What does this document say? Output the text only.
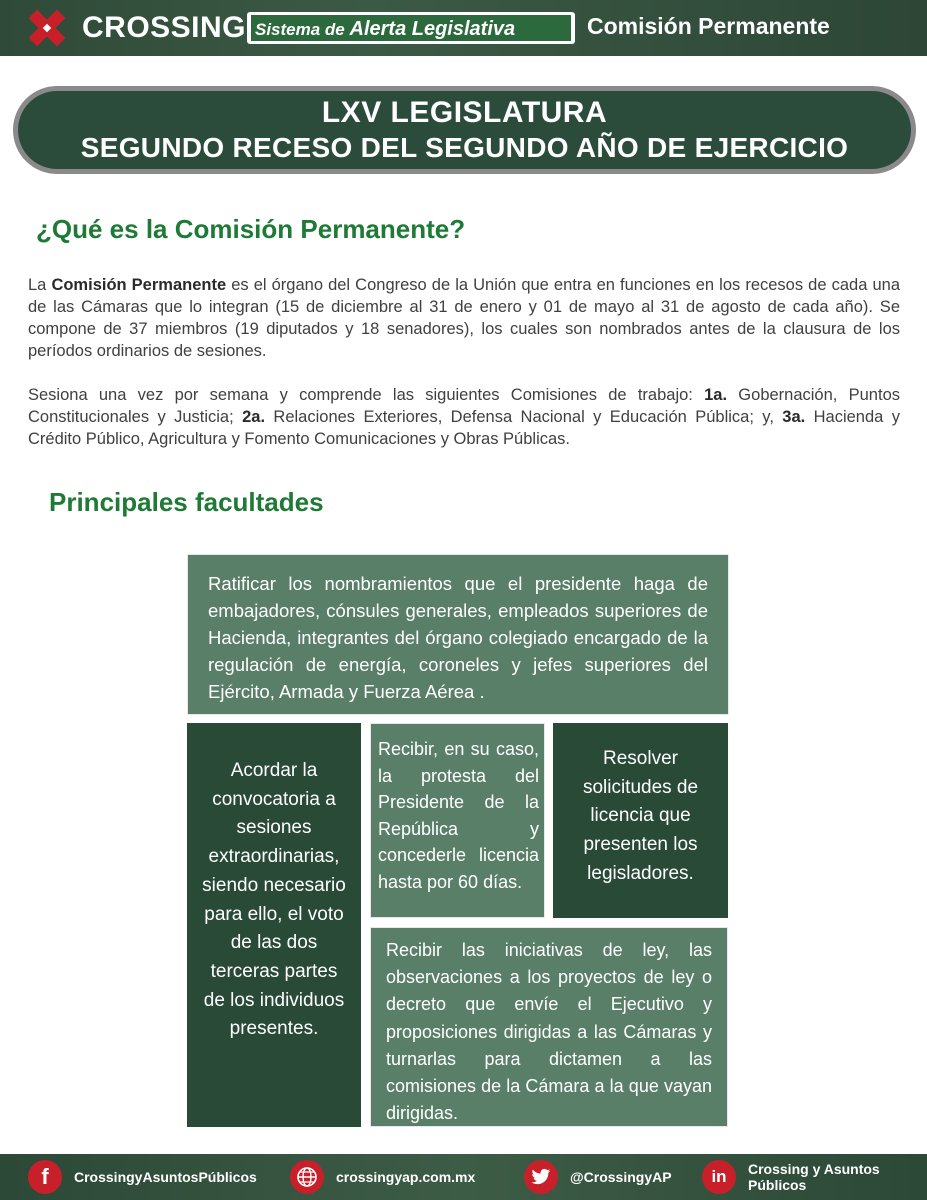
CROSSING Sistema de Alerta Legislativa	Comisión Permanente
LXV LEGISLATURA
SEGUNDO RECESO DEL SEGUNDO AÑO DE EJERCICIO
¿Qué es la Comisión Permanente?
La Comisión Permanente es el órgano del Congreso de la Unión que entra en funciones en los recesos de cada una de las Cámaras que lo integran (15 de diciembre al 31 de enero y 01 de mayo al 31 de agosto de cada año). Se compone de 37 miembros (19 diputados y 18 senadores), los cuales son nombrados antes de la clausura de los períodos ordinarios de sesiones.
Sesiona una vez por semana y comprende las siguientes Comisiones de trabajo: 1a. Gobernación, Puntos Constitucionales y Justicia; 2a. Relaciones Exteriores, Defensa Nacional y Educación Pública; y, 3a. Hacienda y Crédito Público, Agricultura y Fomento Comunicaciones y Obras Públicas.
Principales facultades
Ratificar los nombramientos que el presidente haga de embajadores, cónsules generales, empleados superiores de Hacienda, integrantes del órgano colegiado encargado de la regulación de energía, coroneles y jefes superiores del Ejército, Armada y Fuerza Aérea .
Acordar la convocatoria a sesiones extraordinarias, siendo necesario para ello, el voto de las dos terceras partes de los individuos presentes.
Recibir, en su caso, la protesta del Presidente de la República y concederle licencia hasta por 60 días.
Resolver solicitudes de licencia que presenten los legisladores.
Recibir las iniciativas de ley, las observaciones a los proyectos de ley o decreto que envíe el Ejecutivo y proposiciones dirigidas a las Cámaras y turnarlas para dictamen a las comisiones de la Cámara a la que vayan dirigidas.
f	CrossingyAsuntosPúblicos	crossingyap.com.mx	@CrossingyAP	in	Crossing y Asuntos Públicos
